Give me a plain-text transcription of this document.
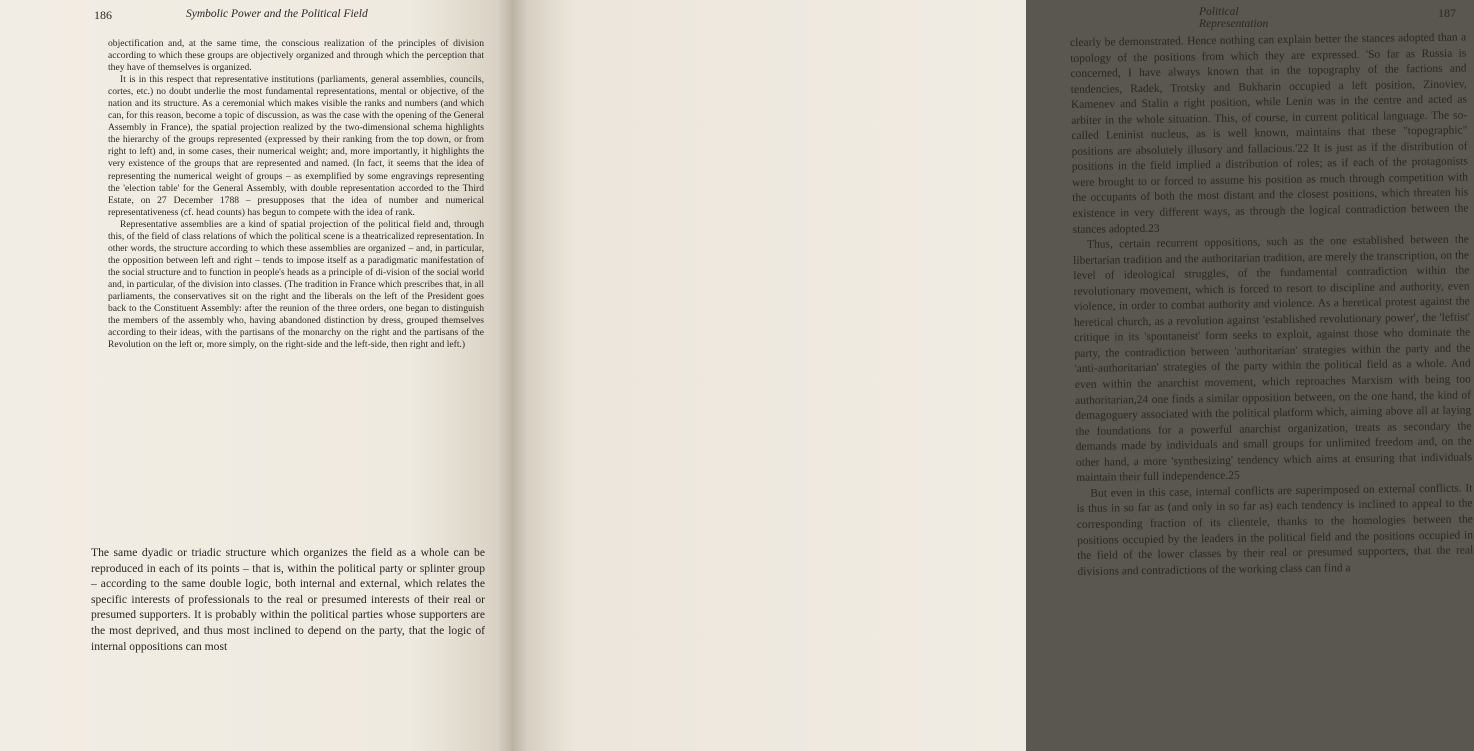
186	Symbolic Power and the Political Field

objectification and, at the same time, the conscious realization of the principles of division according to which these groups are objectively organized and through which the perception that they have of themselves is organized.

It is in this respect that representative institutions (parliaments, general assemblies, councils, cortes, etc.) no doubt underlie the most fundamental representations, mental or objective, of the nation and its structure. As a ceremonial which makes visible the ranks and numbers (and which can, for this reason, become a topic of discussion, as was the case with the opening of the General Assembly in France), the spatial projection realized by the two-dimensional schema highlights the hierarchy of the groups represented (expressed by their ranking from the top down, or from right to left) and, in some cases, their numerical weight; and, more importantly, it highlights the very existence of the groups that are represented and named. (In fact, it seems that the idea of representing the numerical weight of groups – as exemplified by some engravings representing the 'election table' for the General Assembly, with double representation accorded to the Third Estate, on 27 December 1788 – presupposes that the idea of number and numerical representativeness (cf. head counts) has begun to compete with the idea of rank.

Representative assemblies are a kind of spatial projection of the political field and, through this, of the field of class relations of which the political scene is a theatricalized representation. In other words, the structure according to which these assemblies are organized – and, in particular, the opposition between left and right – tends to impose itself as a paradigmatic manifestation of the social structure and to function in people's heads as a principle of di-vision of the social world and, in particular, of the division into classes. (The tradition in France which prescribes that, in all parliaments, the conservatives sit on the right and the liberals on the left of the President goes back to the Constituent Assembly: after the reunion of the three orders, one began to distinguish the members of the assembly who, having abandoned distinction by dress, grouped themselves according to their ideas, with the partisans of the monarchy on the right and the partisans of the Revolution on the left or, more simply, on the right-side and the left-side, then right and left.)

The same dyadic or triadic structure which organizes the field as a whole can be reproduced in each of its points – that is, within the political party or splinter group – according to the same double logic, both internal and external, which relates the specific interests of professionals to the real or presumed interests of their real or presumed supporters. It is probably within the political parties whose supporters are the most deprived, and thus most inclined to depend on the party, that the logic of internal oppositions can most

Political Representation
187

clearly be demonstrated. Hence nothing can explain better the stances adopted than a topology of the positions from which they are expressed. 'So far as Russia is concerned, I have always known that in the topography of the factions and tendencies, Radek, Trotsky and Bukharin occupied a left position, Zinoviev, Kamenev and Stalin a right position, while Lenin was in the centre and acted as arbiter in the whole situation. This, of course, in current political language. The so-called Leninist nucleus, as is well known, maintains that these "topographic" positions are absolutely illusory and fallacious.'22 It is just as if the distribution of positions in the field implied a distribution of roles; as if each of the protagonists were brought to or forced to assume his position as much through competition with the occupants of both the most distant and the closest positions, which threaten his existence in very different ways, as through the logical contradiction between the stances adopted.23

Thus, certain recurrent oppositions, such as the one established between the libertarian tradition and the authoritarian tradition, are merely the transcription, on the level of ideological struggles, of the fundamental contradiction within the revolutionary movement, which is forced to resort to discipline and authority, even violence, in order to combat authority and violence. As a heretical protest against the heretical church, as a revolution against 'established revolutionary power', the 'leftist' critique in its 'spontaneist' form seeks to exploit, against those who dominate the party, the contradiction between 'authoritarian' strategies within the party and the 'anti-authoritarian' strategies of the party within the political field as a whole. And even within the anarchist movement, which reproaches Marxism with being too authoritarian,24 one finds a similar opposition between, on the one hand, the kind of demagoguery associated with the political platform which, aiming above all at laying the foundations for a powerful anarchist organization, treats as secondary the demands made by individuals and small groups for unlimited freedom and, on the other hand, a more 'synthesizing' tendency which aims at ensuring that individuals maintain their full independence.25

But even in this case, internal conflicts are superimposed on external conflicts. It is thus in so far as (and only in so far as) each tendency is inclined to appeal to the corresponding fraction of its clientele, thanks to the homologies between the positions occupied by the leaders in the political field and the positions occupied in the field of the lower classes by their real or presumed supporters, that the real divisions and contradictions of the working class can find a
